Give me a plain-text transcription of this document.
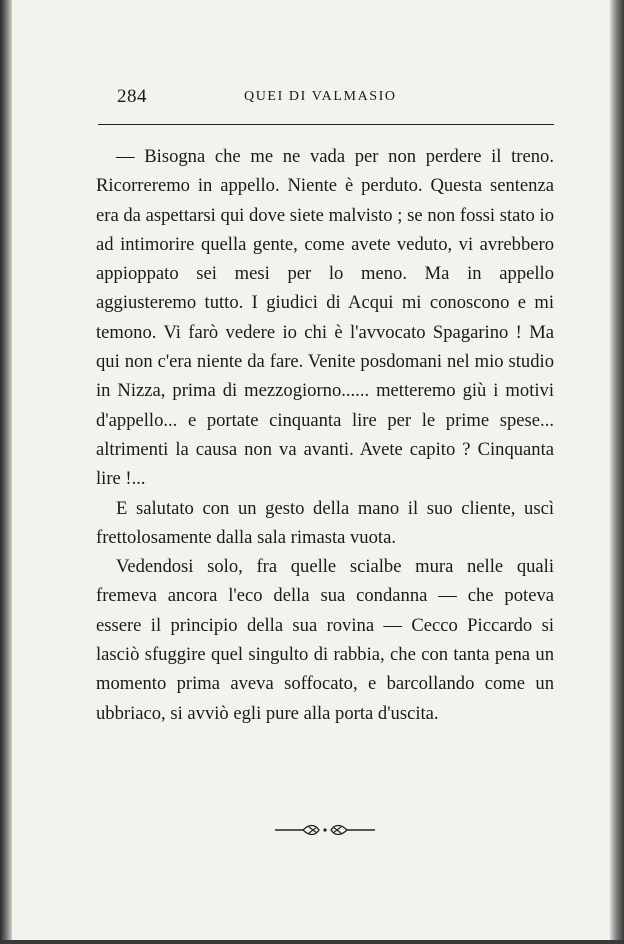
284	QUEI DI VALMASIO

— Bisogna che me ne vada per non perdere il treno. Ricorreremo in appello. Niente è perduto. Questa sentenza era da aspettarsi qui dove siete malvisto ; se non fossi stato io ad intimorire quella gente, come avete veduto, vi avrebbero appioppato sei mesi per lo meno. Ma in appello aggiusteremo tutto. I giudici di Acqui mi conoscono e mi temono. Vi farò vedere io chi è l'avvocato Spagarino ! Ma qui non c'era niente da fare. Venite posdomani nel mio studio in Nizza, prima di mezzogiorno...... metteremo giù i motivi d'appello... e portate cinquanta lire per le prime spese... altrimenti la causa non va avanti. Avete capito ? Cinquanta lire !...

E salutato con un gesto della mano il suo cliente, uscì frettolosamente dalla sala rimasta vuota.

Vedendosi solo, fra quelle scialbe mura nelle quali fremeva ancora l'eco della sua condanna — che poteva essere il principio della sua rovina — Cecco Piccardo si lasciò sfuggire quel singulto di rabbia, che con tanta pena un momento prima aveva soffocato, e barcollando come un ubbriaco, si avviò egli pure alla porta d'uscita.
